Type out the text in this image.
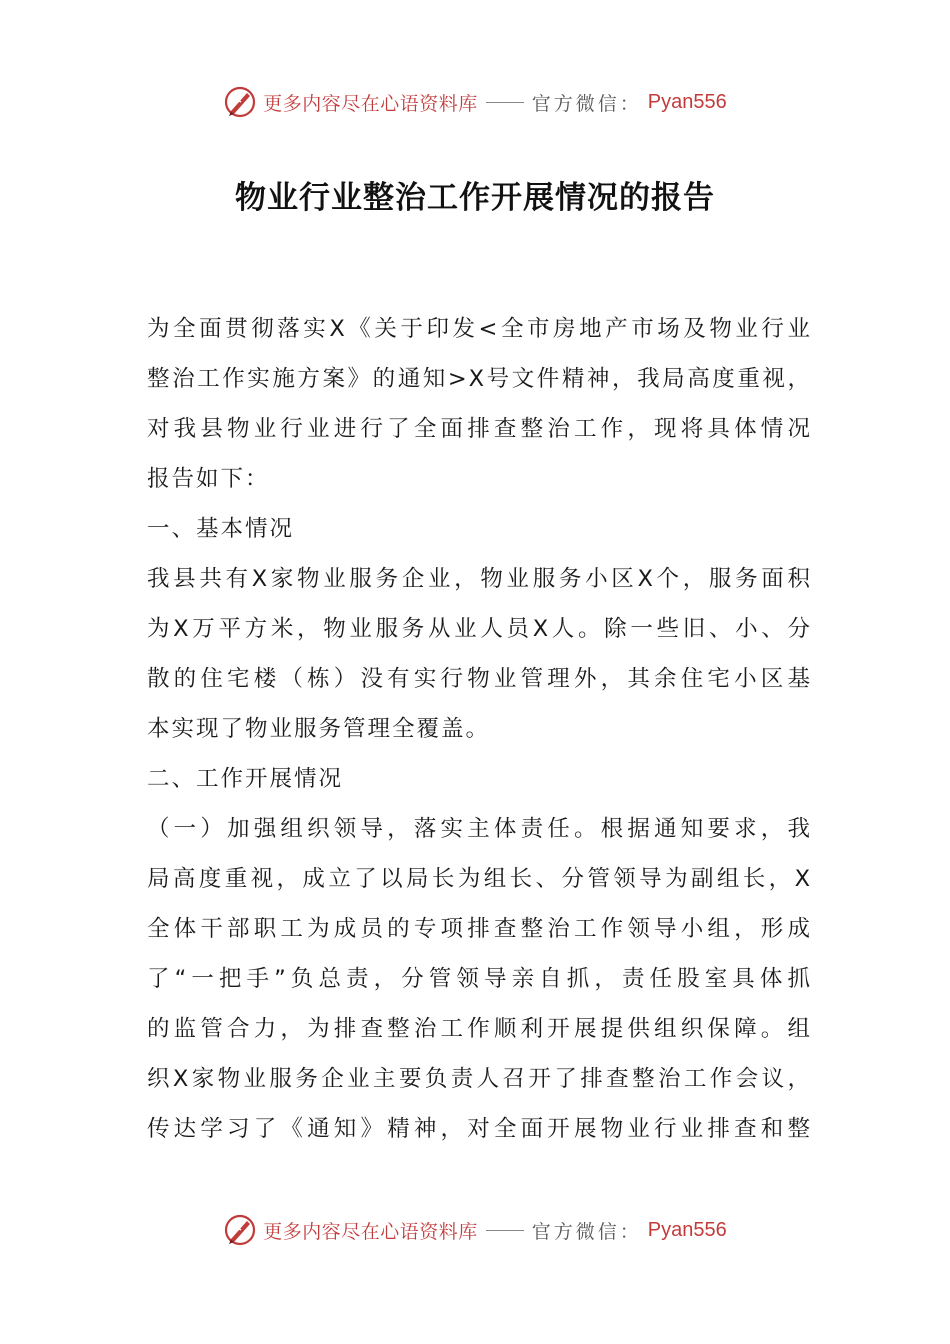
更多内容尽在心语资料库	官方微信： Pyan556
物业行业整治工作开展情况的报告
为全面贯彻落实X《关于印发<全市房地产市场及物业行业
整治工作实施方案》的通知>X号文件精神，我局高度重视，
对我县物业行业进行了全面排查整治工作，现将具体情况
报告如下：
一、基本情况
我县共有X家物业服务企业，物业服务小区X个，服务面积
为X万平方米，物业服务从业人员X人。除一些旧、小、分
散的住宅楼（栋）没有实行物业管理外，其余住宅小区基
本实现了物业服务管理全覆盖。
二、工作开展情况
（一）加强组织领导，落实主体责任。根据通知要求，我
局高度重视，成立了以局长为组长、分管领导为副组长，X
全体干部职工为成员的专项排查整治工作领导小组，形成
了“一把手”负总责，分管领导亲自抓，责任股室具体抓
的监管合力，为排查整治工作顺利开展提供组织保障。组
织X家物业服务企业主要负责人召开了排查整治工作会议，
传达学习了《通知》精神，对全面开展物业行业排查和整
更多内容尽在心语资料库	官方微信： Pyan556
